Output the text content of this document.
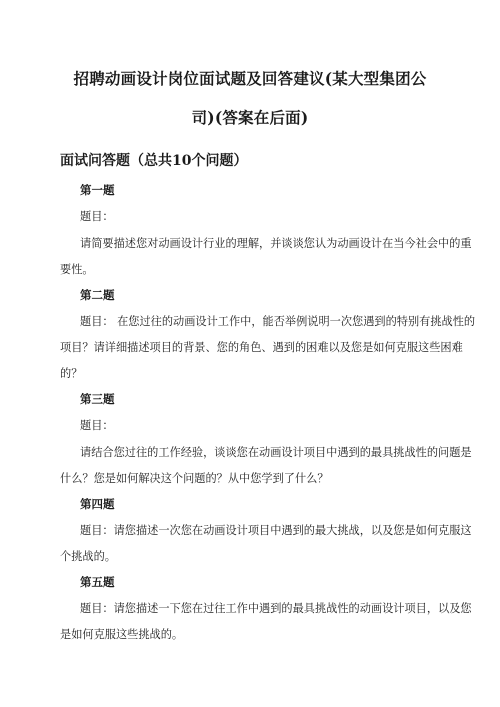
招聘动画设计岗位面试题及回答建议(某大型集团公
司)(答案在后面)
面试问答题（总共10个问题）
第一题
题目：
请简要描述您对动画设计行业的理解，并谈谈您认为动画设计在当今社会中的重
要性。
第二题
题目： 在您过往的动画设计工作中，能否举例说明一次您遇到的特别有挑战性的
项目？请详细描述项目的背景、您的角色、遇到的困难以及您是如何克服这些困难
的？
第三题
题目：
请结合您过往的工作经验，谈谈您在动画设计项目中遇到的最具挑战性的问题是
什么？您是如何解决这个问题的？从中您学到了什么？
第四题
题目：请您描述一次您在动画设计项目中遇到的最大挑战，以及您是如何克服这
个挑战的。
第五题
题目：请您描述一下您在过往工作中遇到的最具挑战性的动画设计项目，以及您
是如何克服这些挑战的。
